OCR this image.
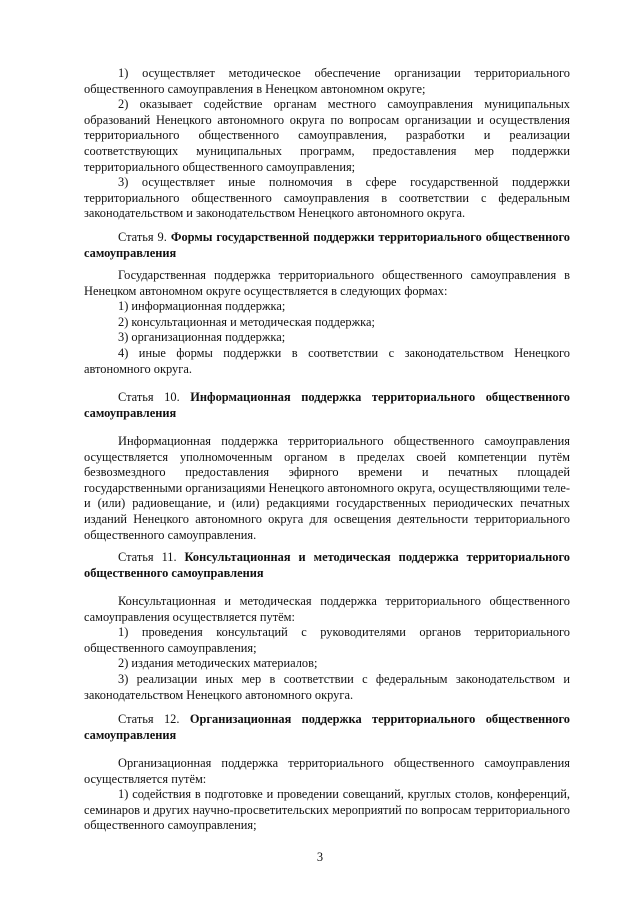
1) осуществляет методическое обеспечение организации территориального общественного самоуправления в Ненецком автономном округе;

2) оказывает содействие органам местного самоуправления муниципальных образований Ненецкого автономного округа по вопросам организации и осуществления территориального общественного самоуправления, разработки и реализации соответствующих муниципальных программ, предоставления мер поддержки территориального общественного самоуправления;

3) осуществляет иные полномочия в сфере государственной поддержки территориального общественного самоуправления в соответствии с федеральным законодательством и законодательством Ненецкого автономного округа.

Статья 9. Формы государственной поддержки территориального общественного самоуправления

Государственная поддержка территориального общественного самоуправления в Ненецком автономном округе осуществляется в следующих формах:

1) информационная поддержка;

2) консультационная и методическая поддержка;

3) организационная поддержка;

4) иные формы поддержки в соответствии с законодательством Ненецкого автономного округа.

Статья 10. Информационная поддержка территориального общественного самоуправления

Информационная поддержка территориального общественного самоуправления осуществляется уполномоченным органом в пределах своей компетенции путём безвозмездного предоставления эфирного времени и печатных площадей государственными организациями Ненецкого автономного округа, осуществляющими теле- и (или) радиовещание, и (или) редакциями государственных периодических печатных изданий Ненецкого автономного округа для освещения деятельности территориального общественного самоуправления.

Статья 11. Консультационная и методическая поддержка территориального общественного самоуправления

Консультационная и методическая поддержка территориального общественного самоуправления осуществляется путём:

1) проведения консультаций с руководителями органов территориального общественного самоуправления;

2) издания методических материалов;

3) реализации иных мер в соответствии с федеральным законодательством и законодательством Ненецкого автономного округа.

Статья 12. Организационная поддержка территориального общественного самоуправления

Организационная поддержка территориального общественного самоуправления осуществляется путём:

1) содействия в подготовке и проведении совещаний, круглых столов, конференций, семинаров и других научно-просветительских мероприятий по вопросам территориального общественного самоуправления;

3
